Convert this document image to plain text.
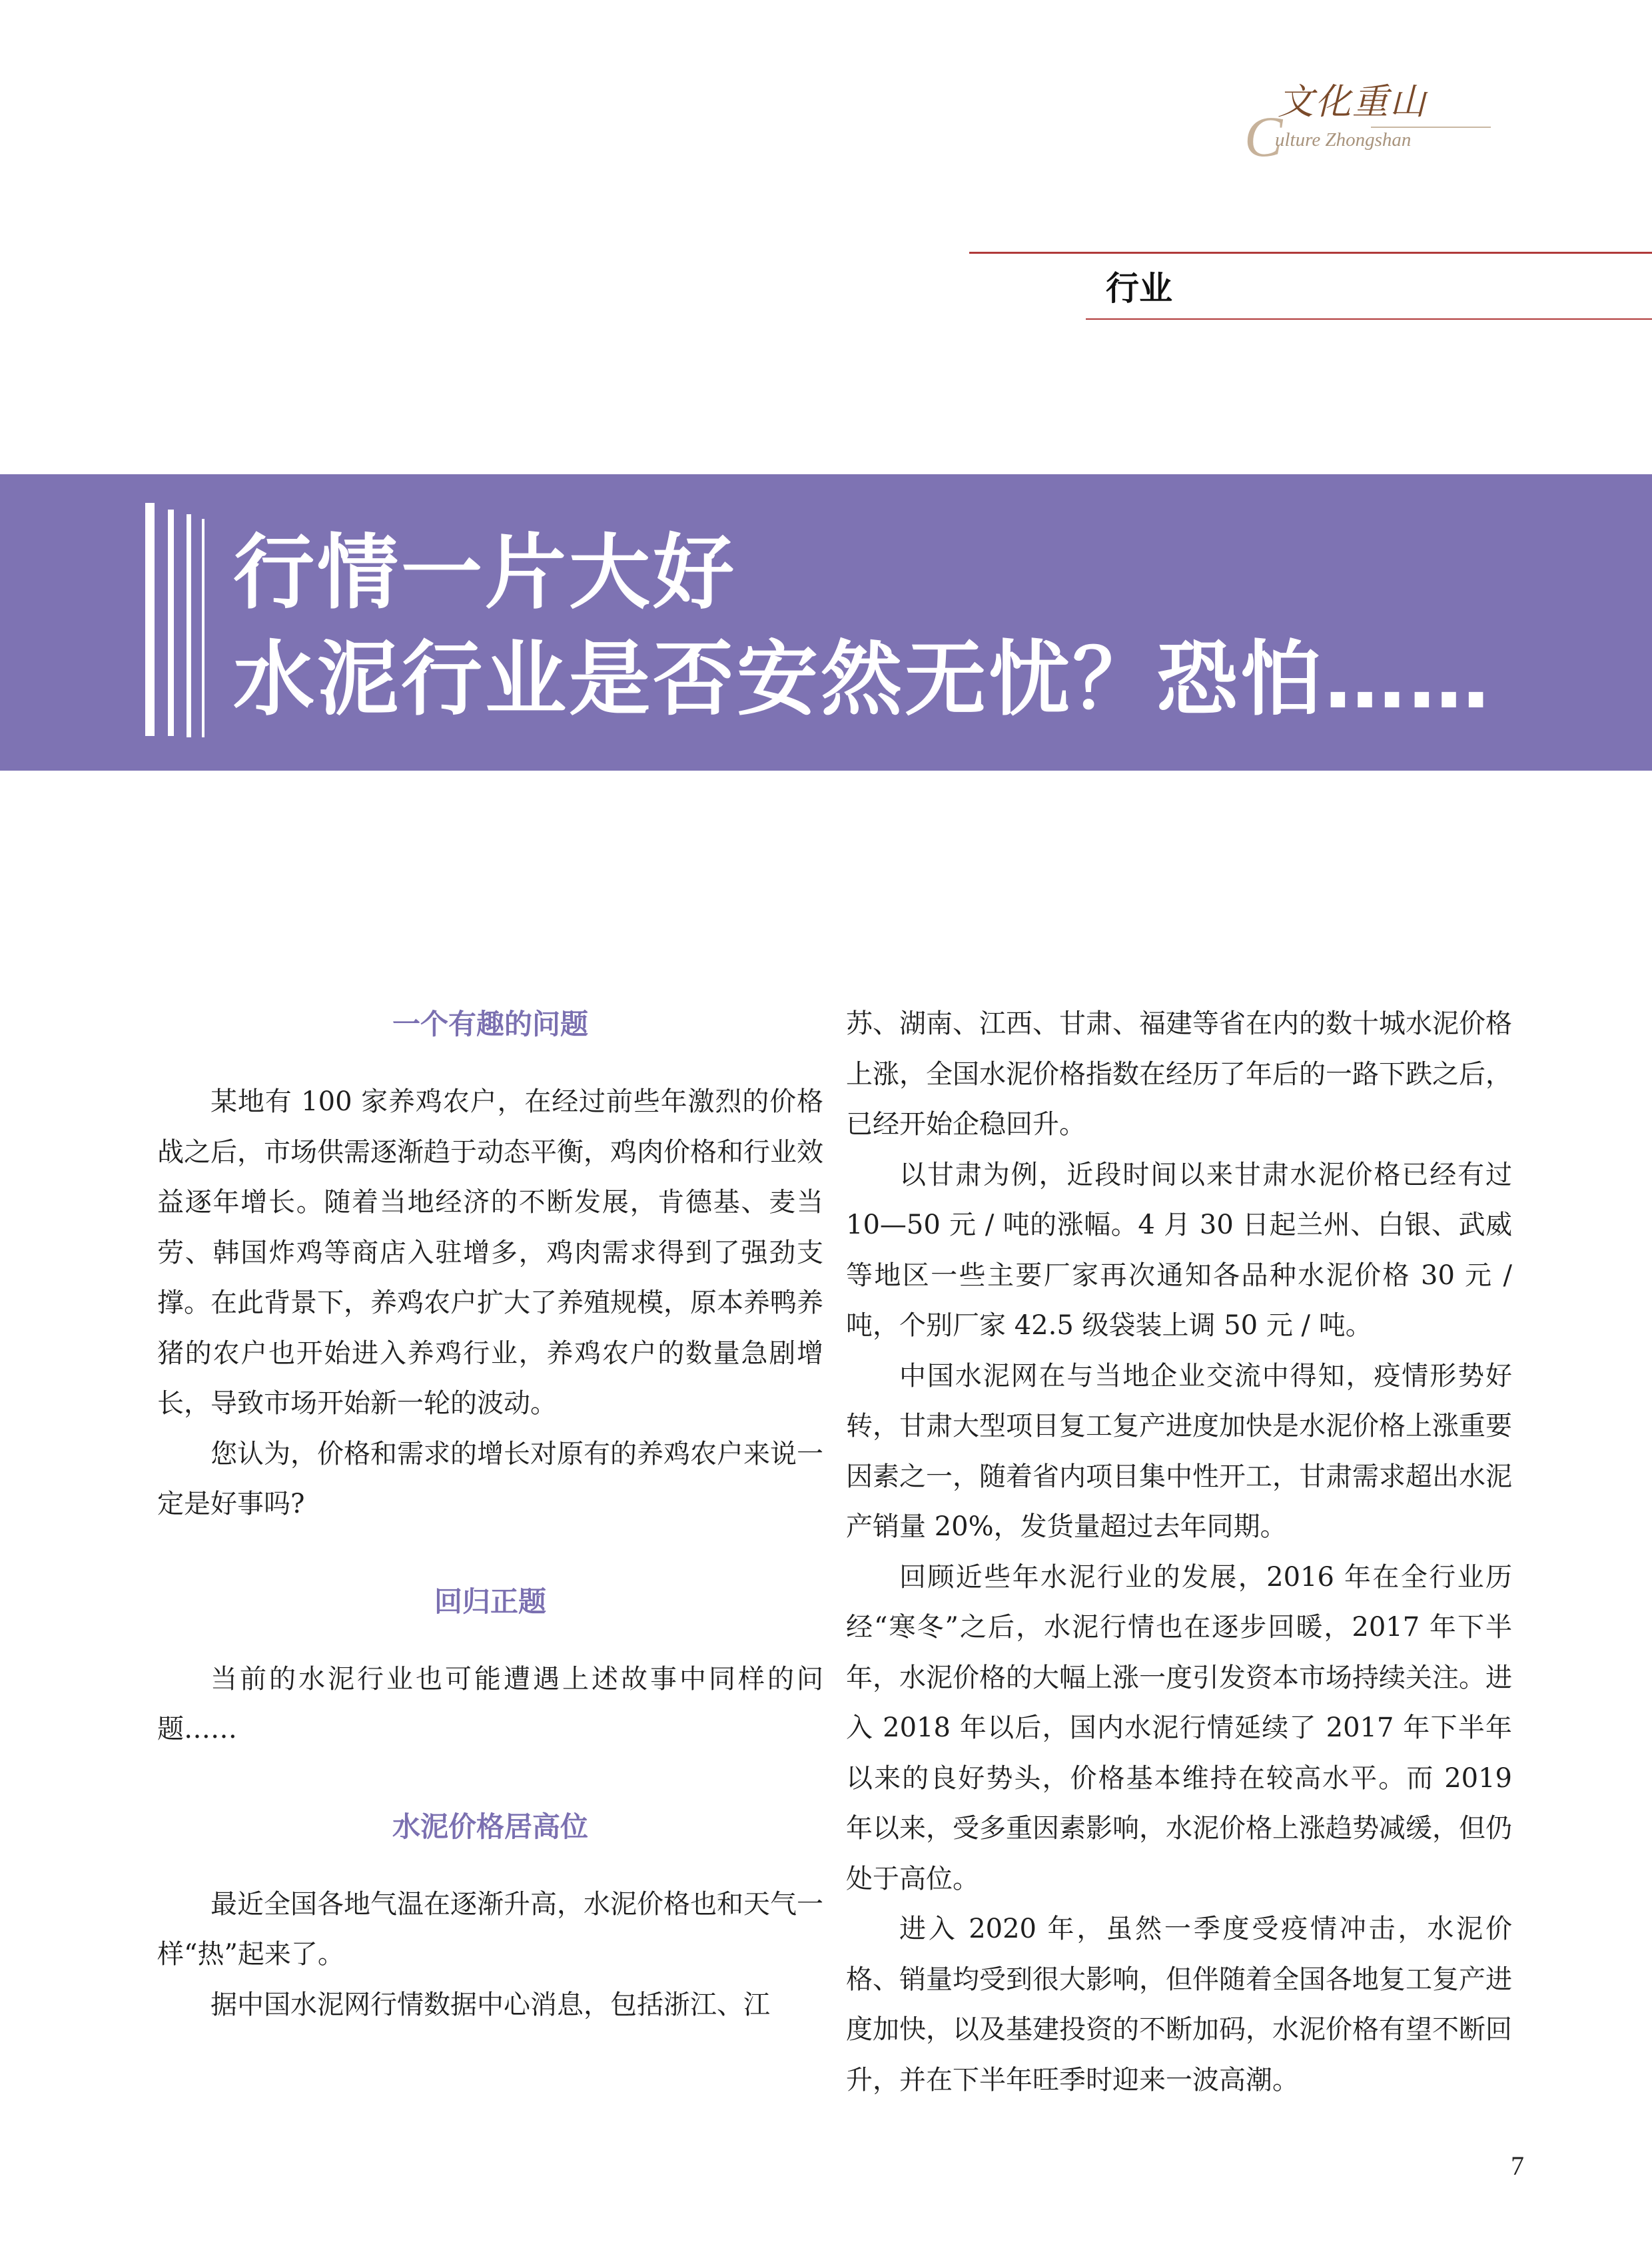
文化重山
C
ulture Zhongshan
行业
行情一片大好
水泥行业是否安然无忧？恐怕……

一个有趣的问题

某地有 100 家养鸡农户，在经过前些年激烈的价格战之后，市场供需逐渐趋于动态平衡，鸡肉价格和行业效益逐年增长。随着当地经济的不断发展，肯德基、麦当劳、韩国炸鸡等商店入驻增多，鸡肉需求得到了强劲支撑。在此背景下，养鸡农户扩大了养殖规模，原本养鸭养猪的农户也开始进入养鸡行业，养鸡农户的数量急剧增长，导致市场开始新一轮的波动。

您认为，价格和需求的增长对原有的养鸡农户来说一定是好事吗?

回归正题

当前的水泥行业也可能遭遇上述故事中同样的问题……

水泥价格居高位

最近全国各地气温在逐渐升高，水泥价格也和天气一样“热”起来了。

据中国水泥网行情数据中心消息，包括浙江、江

苏、湖南、江西、甘肃、福建等省在内的数十城水泥价格上涨，全国水泥价格指数在经历了年后的一路下跌之后，已经开始企稳回升。

以甘肃为例，近段时间以来甘肃水泥价格已经有过 10—50 元 / 吨的涨幅。4 月 30 日起兰州、白银、武威等地区一些主要厂家再次通知各品种水泥价格 30 元 / 吨，个别厂家 42.5 级袋装上调 50 元 / 吨。

中国水泥网在与当地企业交流中得知，疫情形势好转，甘肃大型项目复工复产进度加快是水泥价格上涨重要因素之一，随着省内项目集中性开工，甘肃需求超出水泥产销量 20%，发货量超过去年同期。

回顾近些年水泥行业的发展，2016 年在全行业历经“寒冬”之后，水泥行情也在逐步回暖，2017 年下半年，水泥价格的大幅上涨一度引发资本市场持续关注。进入 2018 年以后，国内水泥行情延续了 2017 年下半年以来的良好势头，价格基本维持在较高水平。而 2019 年以来，受多重因素影响，水泥价格上涨趋势减缓，但仍处于高位。

进入 2020 年，虽然一季度受疫情冲击，水泥价格、销量均受到很大影响，但伴随着全国各地复工复产进度加快，以及基建投资的不断加码，水泥价格有望不断回升，并在下半年旺季时迎来一波高潮。

7
